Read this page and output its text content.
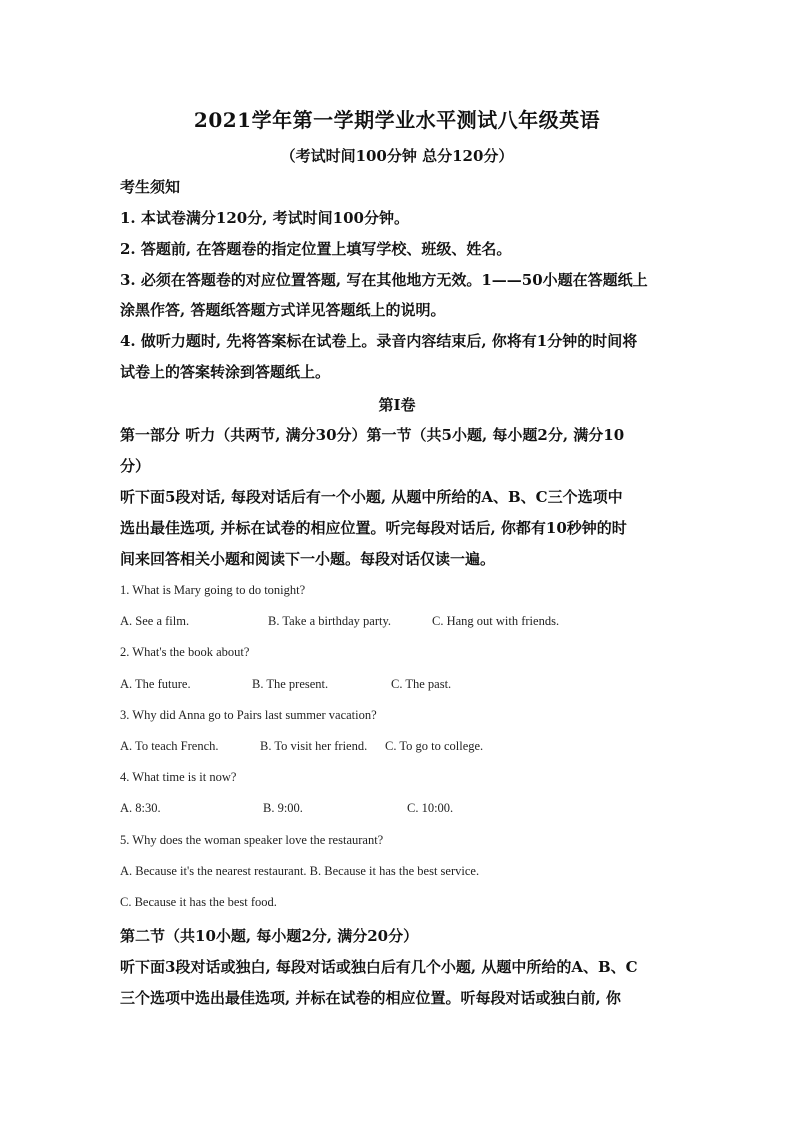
2021学年第一学期学业水平测试八年级英语
（考试时间100分钟 总分120分）
考生须知
1. 本试卷满分120分, 考试时间100分钟。
2. 答题前, 在答题卷的指定位置上填写学校、班级、姓名。
3. 必须在答题卷的对应位置答题, 写在其他地方无效。1——50小题在答题纸上
涂黑作答, 答题纸答题方式详见答题纸上的说明。
4. 做听力题时, 先将答案标在试卷上。录音内容结束后, 你将有1分钟的时间将
试卷上的答案转涂到答题纸上。
第I卷
第一部分 听力（共两节, 满分30分）第一节（共5小题, 每小题2分, 满分10
分）
听下面5段对话, 每段对话后有一个小题, 从题中所给的A、B、C三个选项中
选出最佳选项, 并标在试卷的相应位置。听完每段对话后, 你都有10秒钟的时
间来回答相关小题和阅读下一小题。每段对话仅读一遍。
1. What is Mary going to do tonight?
A. See a film.	B. Take a birthday party.	C. Hang out with friends.
2. What's the book about?
A. The future.	B. The present.	C. The past.
3. Why did Anna go to Pairs last summer vacation?
A. To teach French.	B. To visit her friend. C. To go to college.
4. What time is it now?
A. 8:30.	B. 9:00.	C. 10:00.
5. Why does the woman speaker love the restaurant?
A. Because it's the nearest restaurant. B. Because it has the best service.
C. Because it has the best food.
第二节（共10小题, 每小题2分, 满分20分）
听下面3段对话或独白, 每段对话或独白后有几个小题, 从题中所给的A、B、C
三个选项中选出最佳选项, 并标在试卷的相应位置。听每段对话或独白前, 你
